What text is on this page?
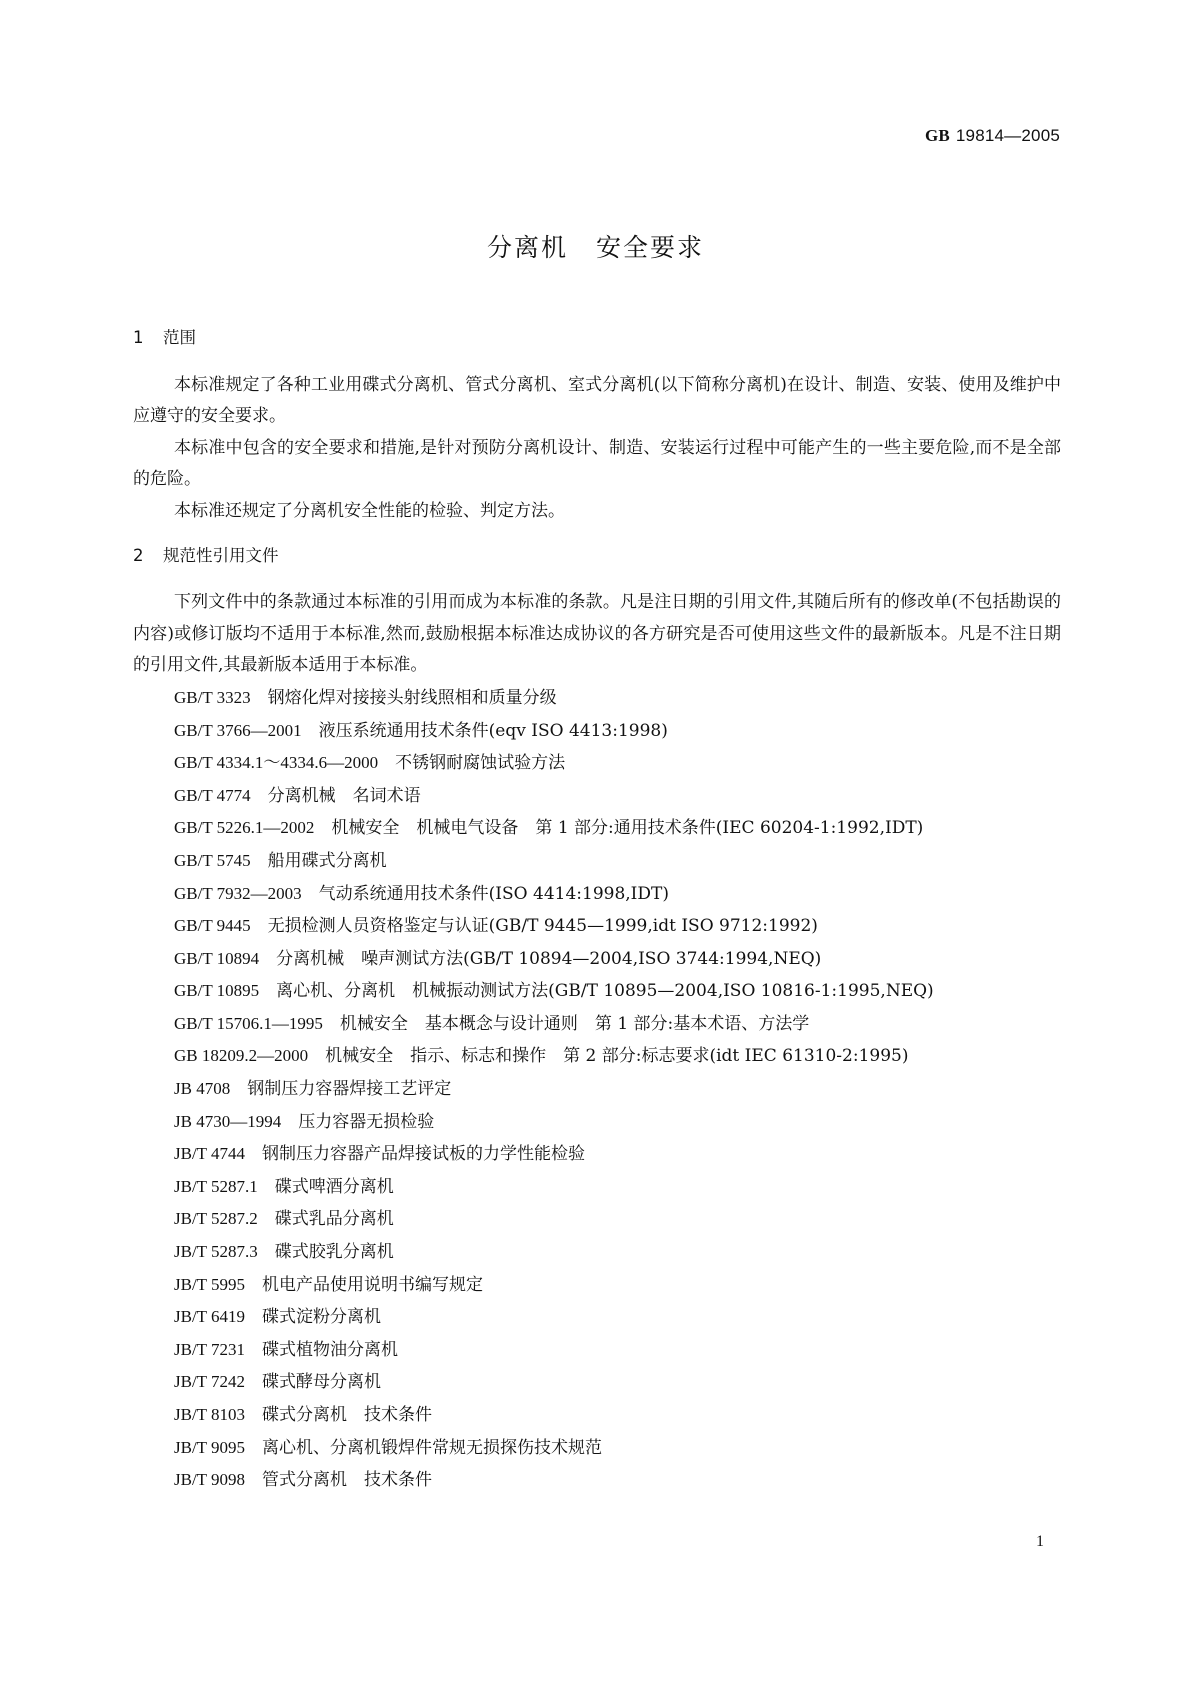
GB 19814—2005
分离机 安全要求

1 范围

本标准规定了各种工业用碟式分离机、管式分离机、室式分离机(以下简称分离机)在设计、制造、安装、使用及维护中应遵守的安全要求。

本标准中包含的安全要求和措施,是针对预防分离机设计、制造、安装运行过程中可能产生的一些主要危险,而不是全部的危险。

本标准还规定了分离机安全性能的检验、判定方法。

2 规范性引用文件

下列文件中的条款通过本标准的引用而成为本标准的条款。凡是注日期的引用文件,其随后所有的修改单(不包括勘误的内容)或修订版均不适用于本标准,然而,鼓励根据本标准达成协议的各方研究是否可使用这些文件的最新版本。凡是不注日期的引用文件,其最新版本适用于本标准。

GB/T 3323 钢熔化焊对接接头射线照相和质量分级

GB/T 3766—2001 液压系统通用技术条件(eqv ISO 4413:1998)

GB/T 4334.1～4334.6—2000 不锈钢耐腐蚀试验方法

GB/T 4774 分离机械　名词术语

GB/T 5226.1—2002 机械安全　机械电气设备　第 1 部分:通用技术条件(IEC 60204-1:1992,IDT)

GB/T 5745 船用碟式分离机

GB/T 7932—2003 气动系统通用技术条件(ISO 4414:1998,IDT)

GB/T 9445 无损检测人员资格鉴定与认证(GB/T 9445—1999,idt ISO 9712:1992)

GB/T 10894 分离机械　噪声测试方法(GB/T 10894—2004,ISO 3744:1994,NEQ)

GB/T 10895 离心机、分离机　机械振动测试方法(GB/T 10895—2004,ISO 10816-1:1995,NEQ)

GB/T 15706.1—1995 机械安全　基本概念与设计通则　第 1 部分:基本术语、方法学

GB 18209.2—2000 机械安全　指示、标志和操作　第 2 部分:标志要求(idt IEC 61310-2:1995)

JB 4708 钢制压力容器焊接工艺评定

JB 4730—1994 压力容器无损检验

JB/T 4744 钢制压力容器产品焊接试板的力学性能检验

JB/T 5287.1 碟式啤酒分离机

JB/T 5287.2 碟式乳品分离机

JB/T 5287.3 碟式胶乳分离机

JB/T 5995 机电产品使用说明书编写规定

JB/T 6419 碟式淀粉分离机

JB/T 7231 碟式植物油分离机

JB/T 7242 碟式酵母分离机

JB/T 8103 碟式分离机　技术条件

JB/T 9095 离心机、分离机锻焊件常规无损探伤技术规范

JB/T 9098 管式分离机　技术条件

1
